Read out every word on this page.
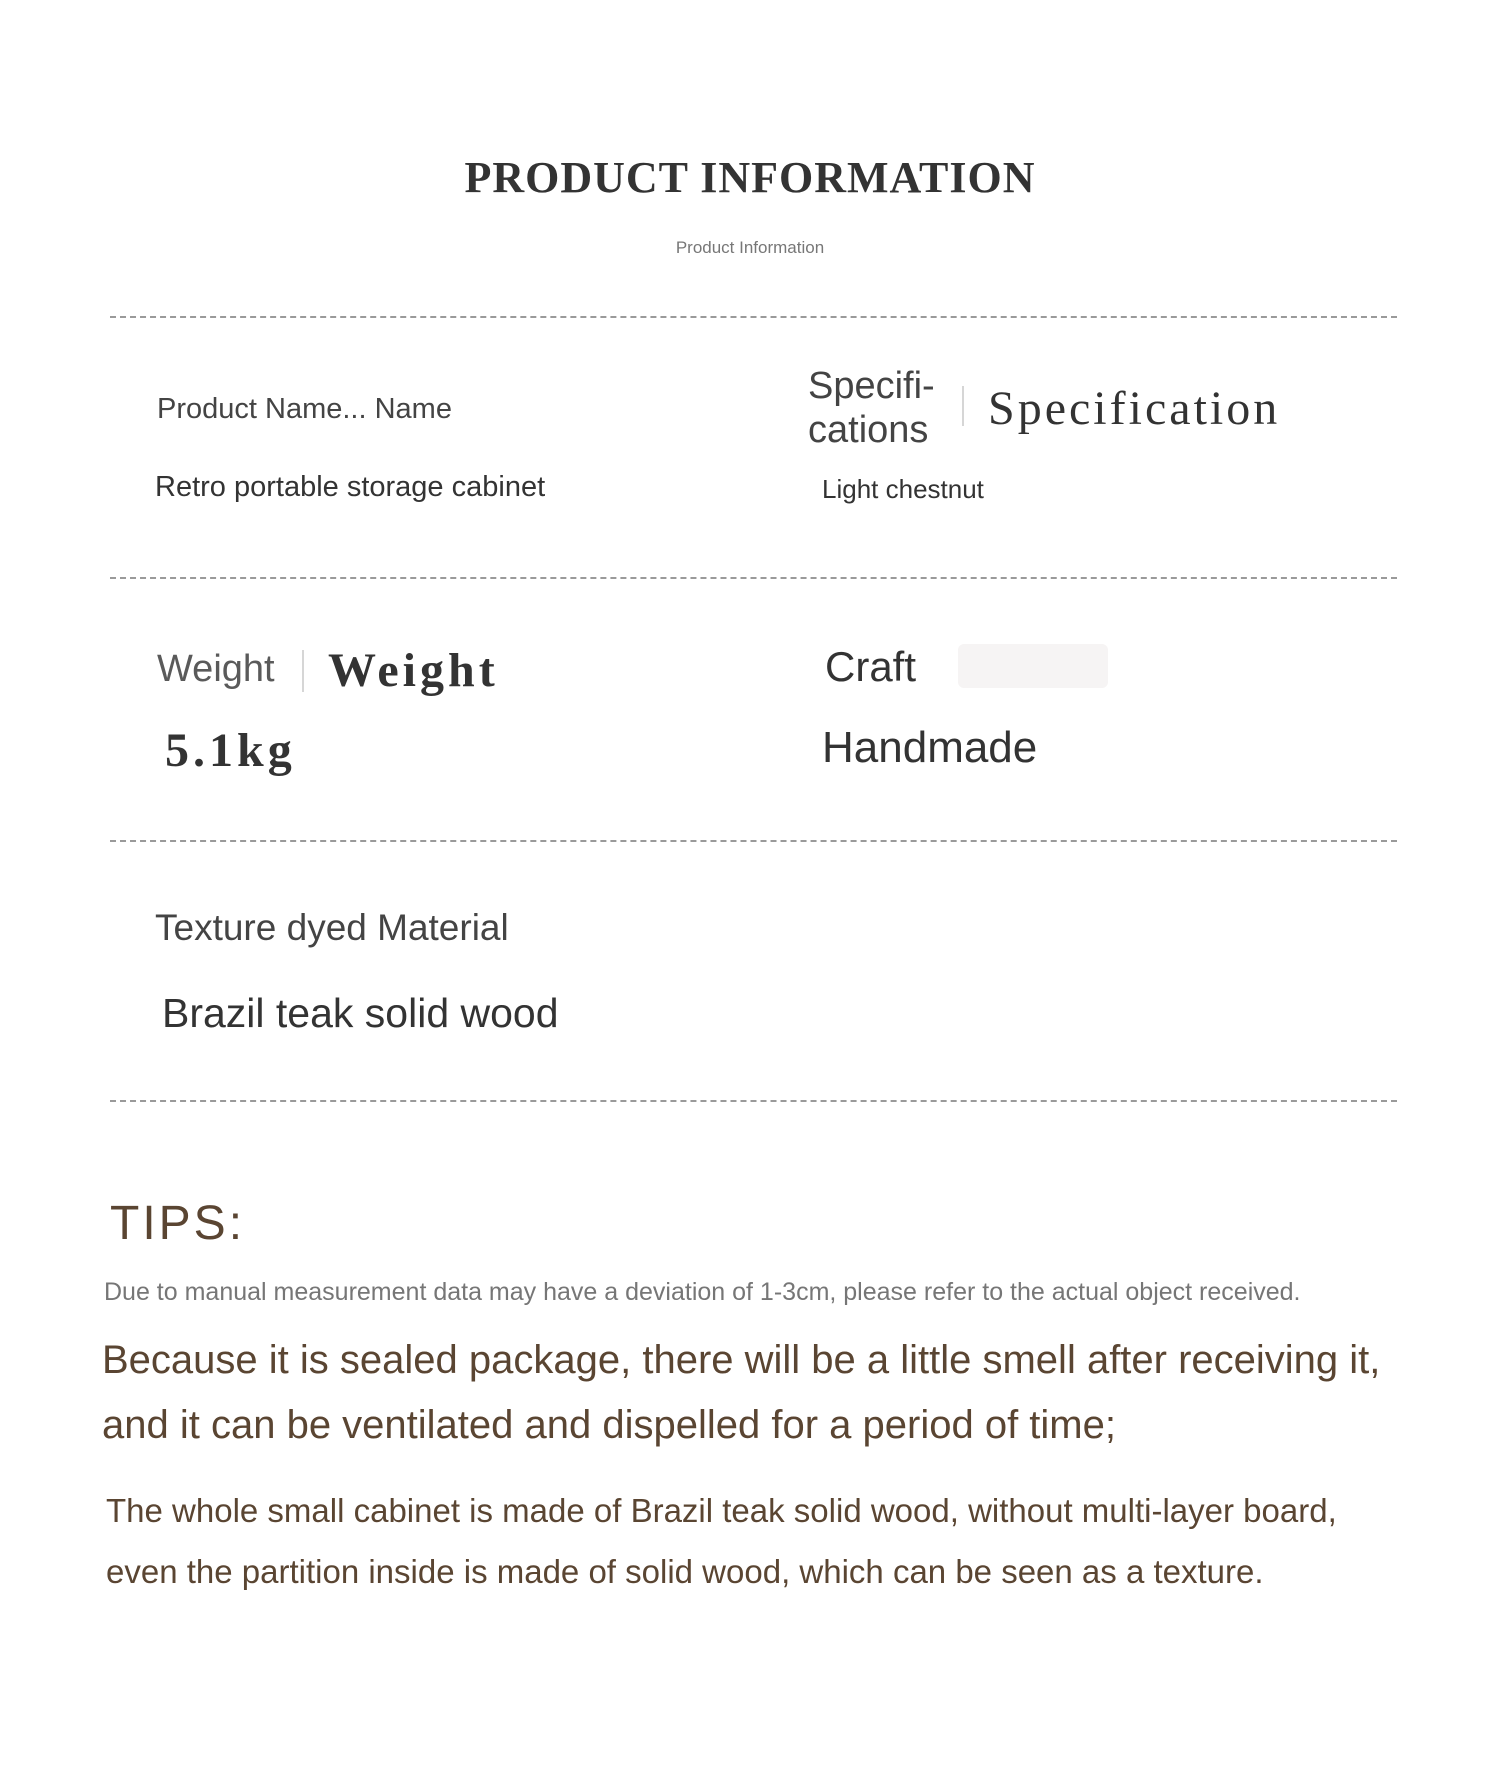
PRODUCT INFORMATION
Product Information
Product Name... Name
Retro portable storage cabinet
Specifi-
cations Specification
Light chestnut
Weight Weight
5.1kg
Craft
Handmade
Texture dyed Material
Brazil teak solid wood
TIPS:
Due to manual measurement data may have a deviation of 1-3cm, please refer to the actual object received.
Because it is sealed package, there will be a little smell after receiving it,
and it can be ventilated and dispelled for a period of time;
The whole small cabinet is made of Brazil teak solid wood, without multi-layer board,
even the partition inside is made of solid wood, which can be seen as a texture.
